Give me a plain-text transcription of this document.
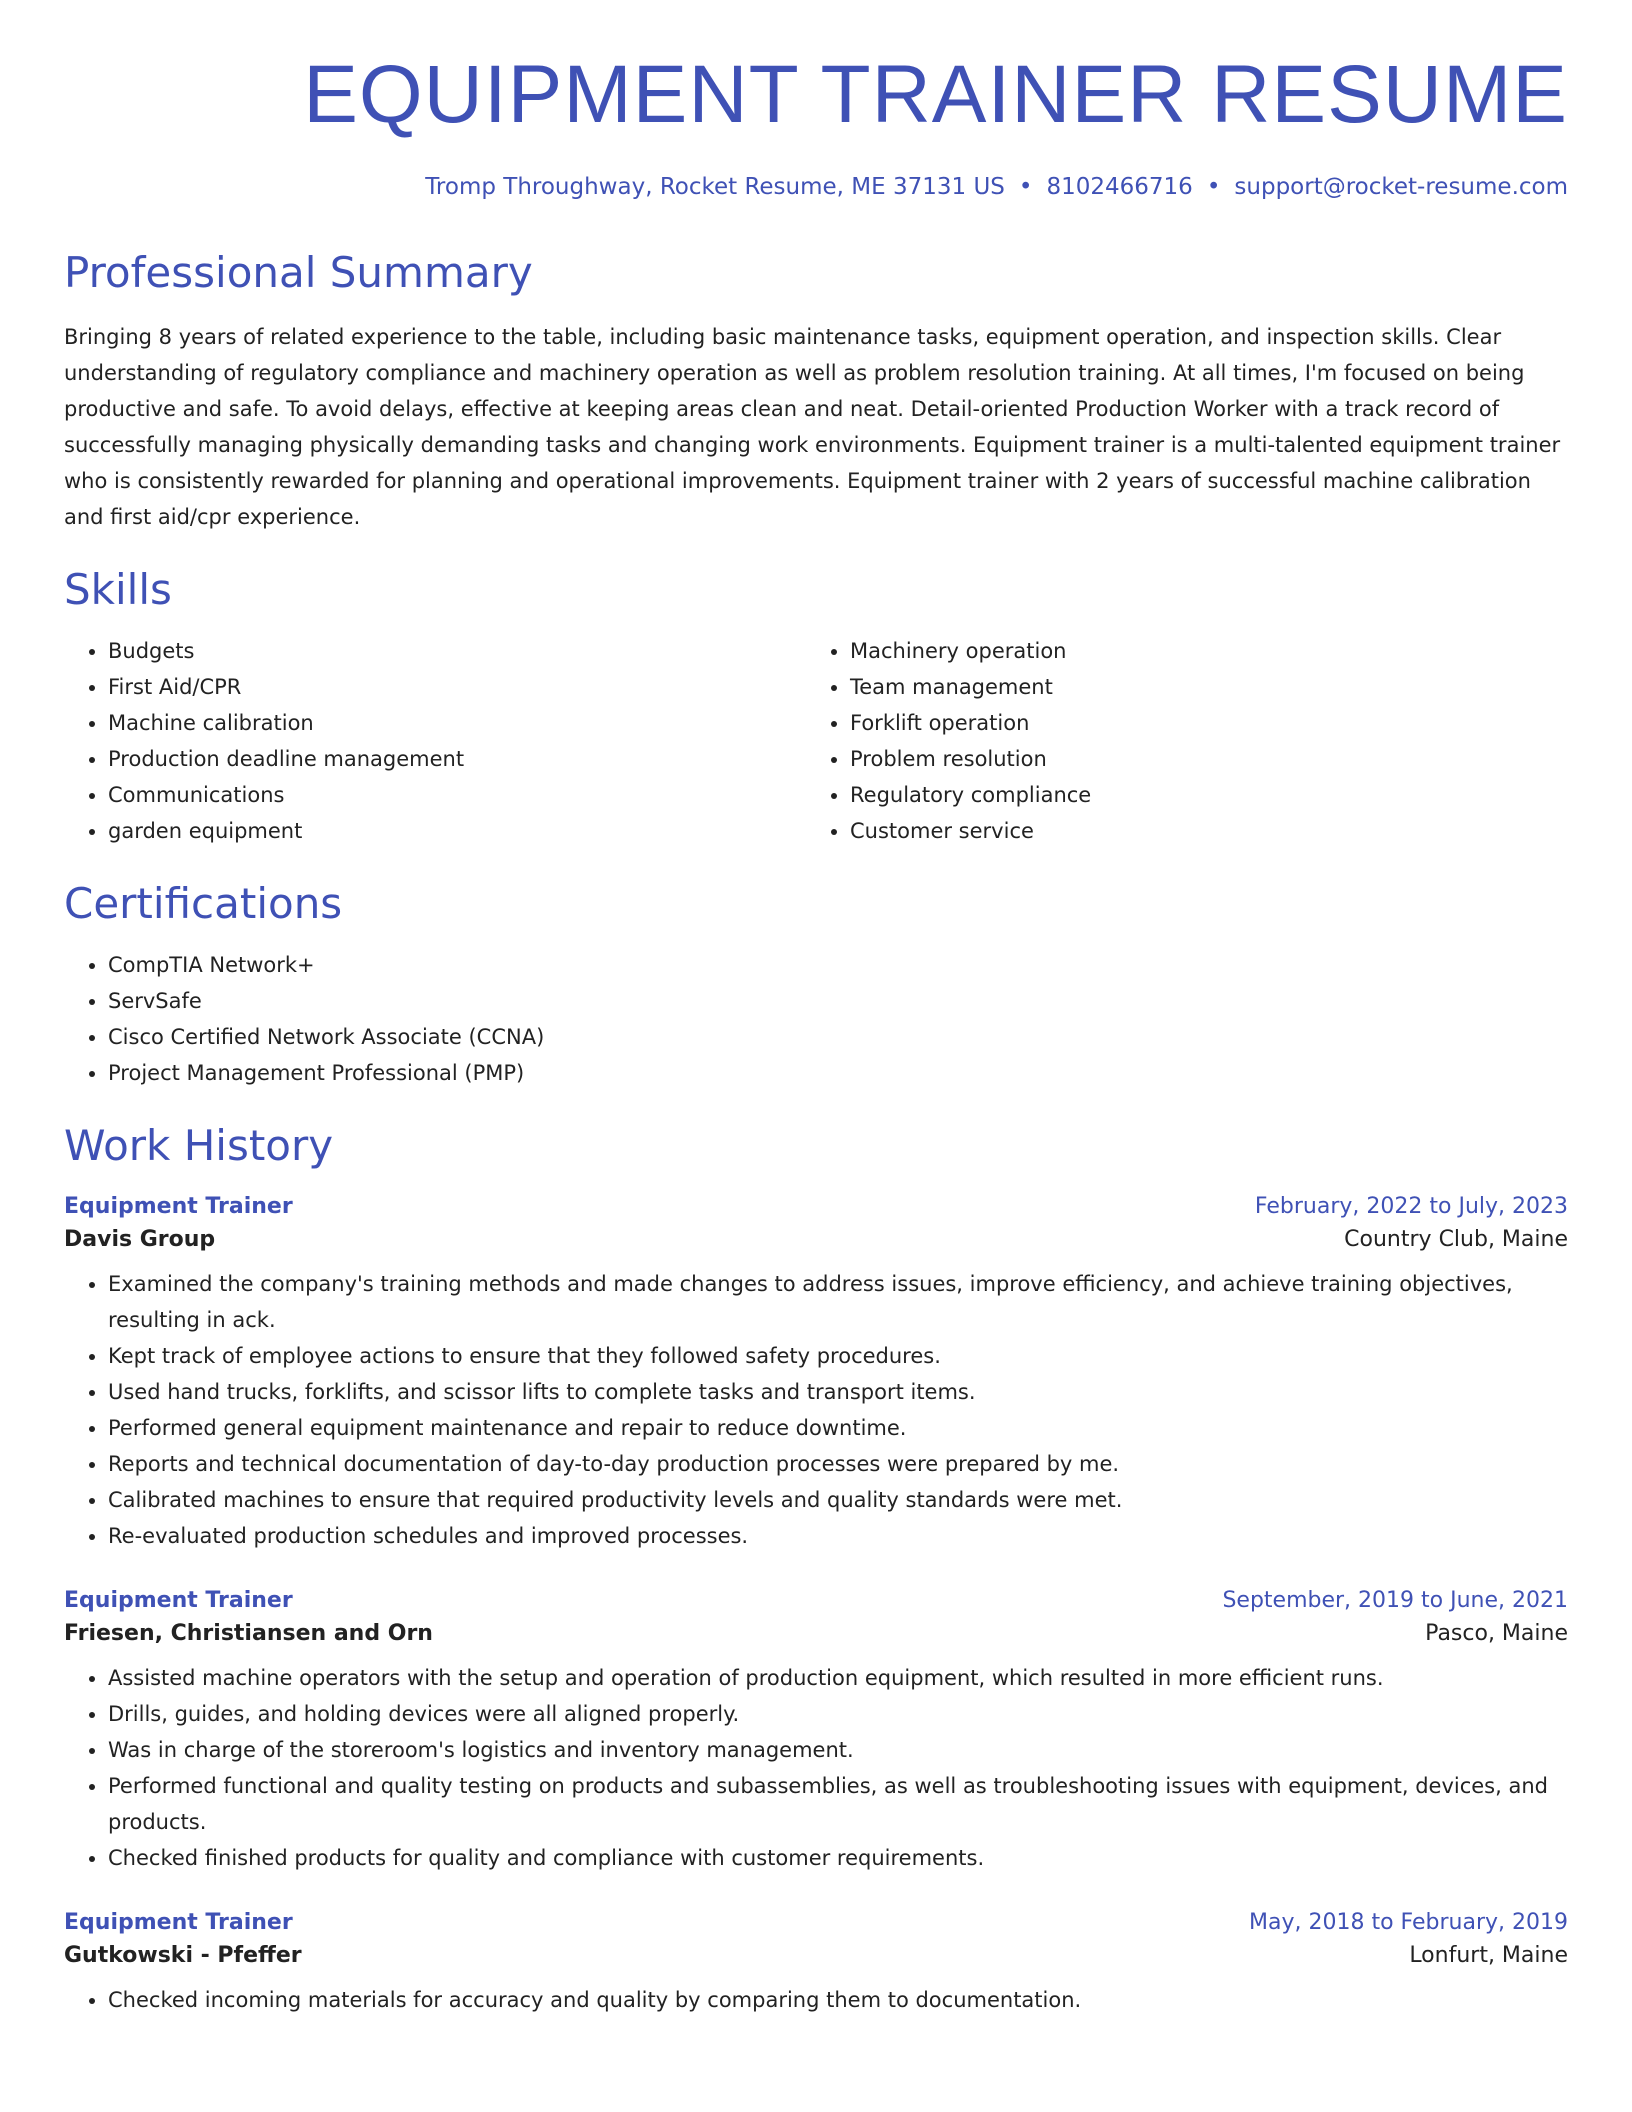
EQUIPMENT TRAINER RESUME
Tromp Throughway, Rocket Resume, ME 37131 US • 8102466716 • support@rocket-resume.com
Professional Summary

Bringing 8 years of related experience to the table, including basic maintenance tasks, equipment operation, and inspection skills. Clear understanding of regulatory compliance and machinery operation as well as problem resolution training. At all times, I'm focused on being productive and safe. To avoid delays, effective at keeping areas clean and neat. Detail-oriented Production Worker with a track record of successfully managing physically demanding tasks and changing work environments. Equipment trainer is a multi-talented equipment trainer who is consistently rewarded for planning and operational improvements. Equipment trainer with 2 years of successful machine calibration and first aid/cpr experience.

Skills
• Budgets
• First Aid/CPR
• Machine calibration
• Production deadline management
• Communications
• garden equipment
• Machinery operation
• Team management
• Forklift operation
• Problem resolution
• Regulatory compliance
• Customer service
Certifications
• CompTIA Network+
• ServSafe
• Cisco Certified Network Associate (CCNA)
• Project Management Professional (PMP)
Work History
Equipment Trainer	February, 2022 to July, 2023
Davis Group	Country Club, Maine
• Examined the company's training methods and made changes to address issues, improve efficiency, and achieve training objectives, resulting in ack.
• Kept track of employee actions to ensure that they followed safety procedures.
• Used hand trucks, forklifts, and scissor lifts to complete tasks and transport items.
• Performed general equipment maintenance and repair to reduce downtime.
• Reports and technical documentation of day-to-day production processes were prepared by me.
• Calibrated machines to ensure that required productivity levels and quality standards were met.
• Re-evaluated production schedules and improved processes.
Equipment Trainer	September, 2019 to June, 2021
Friesen, Christiansen and Orn	Pasco, Maine
• Assisted machine operators with the setup and operation of production equipment, which resulted in more efficient runs.
• Drills, guides, and holding devices were all aligned properly.
• Was in charge of the storeroom's logistics and inventory management.
• Performed functional and quality testing on products and subassemblies, as well as troubleshooting issues with equipment, devices, and products.
• Checked finished products for quality and compliance with customer requirements.
Equipment Trainer	May, 2018 to February, 2019
Gutkowski - Pfeffer	Lonfurt, Maine
• Checked incoming materials for accuracy and quality by comparing them to documentation.
